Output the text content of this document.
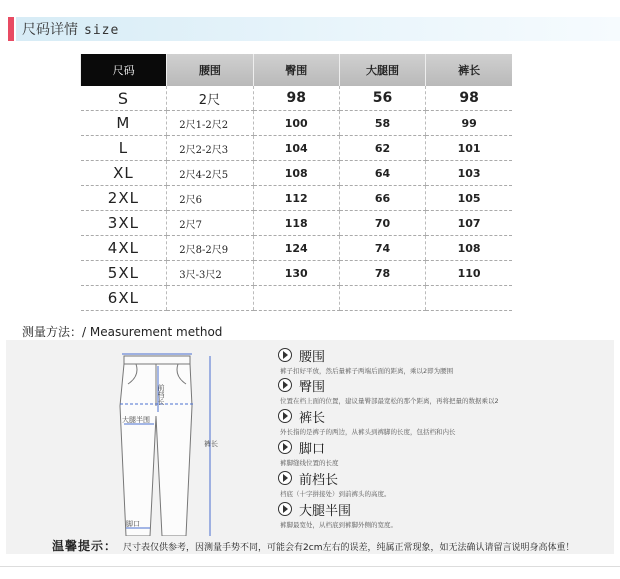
尺码详情 size
尺码	腰围	臀围	大腿围	裤长
S	2尺	98	56	98
M	2尺1-2尺2	100	58	99
L	2尺2-2尺3	104	62	101
XL	2尺4-2尺5	108	64	103
2XL	2尺6	112	66	105
3XL	2尺7	118	70	107
4XL	2尺8-2尺9	124	74	108
5XL	3尺-3尺2	130	78	110
6XL				
测量方法：/ Measurement method
前档长
大腿半围
裤长
脚口
腰围
裤子扣好平放，然后量裤子两端后面的距离，乘以2即为腰围
臀围
位置在档上面的位置，建议量臀部最宽松的那个距离，再将把量的数据乘以2
裤长
外长指的是裤子的两边，从裤头到裤脚的长度，包括档和内长
脚口
裤脚缝线位置的长度
前档长
档底（十字拼接处）到前裤头的高度。
大腿半围
裤脚最宽处，从档底到裤脚外侧的宽度。
温馨提示： 尺寸表仅供参考，因测量手势不同，可能会有2cm左右的误差，纯属正常现象，如无法确认请留言说明身高体重！
